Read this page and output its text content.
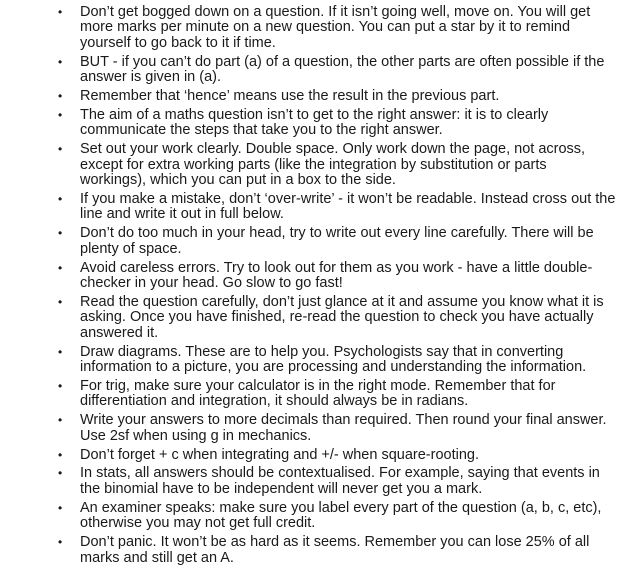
• Don’t get bogged down on a question. If it isn’t going well, move on. You will get more marks per minute on a new question. You can put a star by it to remind yourself to go back to it if time.
• BUT - if you can’t do part (a) of a question, the other parts are often possible if the answer is given in (a).
• Remember that ‘hence’ means use the result in the previous part.
• The aim of a maths question isn’t to get to the right answer: it is to clearly communicate the steps that take you to the right answer.
• Set out your work clearly. Double space. Only work down the page, not across, except for extra working parts (like the integration by substitution or parts workings), which you can put in a box to the side.
• If you make a mistake, don’t ‘over-write’ - it won’t be readable. Instead cross out the line and write it out in full below.
• Don’t do too much in your head, try to write out every line carefully. There will be plenty of space.
• Avoid careless errors. Try to look out for them as you work - have a little double-checker in your head. Go slow to go fast!
• Read the question carefully, don’t just glance at it and assume you know what it is asking. Once you have finished, re-read the question to check you have actually answered it.
• Draw diagrams. These are to help you. Psychologists say that in converting information to a picture, you are processing and understanding the information.
• For trig, make sure your calculator is in the right mode. Remember that for differentiation and integration, it should always be in radians.
• Write your answers to more decimals than required. Then round your final answer. Use 2sf when using g in mechanics.
• Don’t forget + c when integrating and +/- when square-rooting.
• In stats, all answers should be contextualised. For example, saying that events in the binomial have to be independent will never get you a mark.
• An examiner speaks: make sure you label every part of the question (a, b, c, etc), otherwise you may not get full credit.
• Don’t panic. It won’t be as hard as it seems. Remember you can lose 25% of all marks and still get an A.
